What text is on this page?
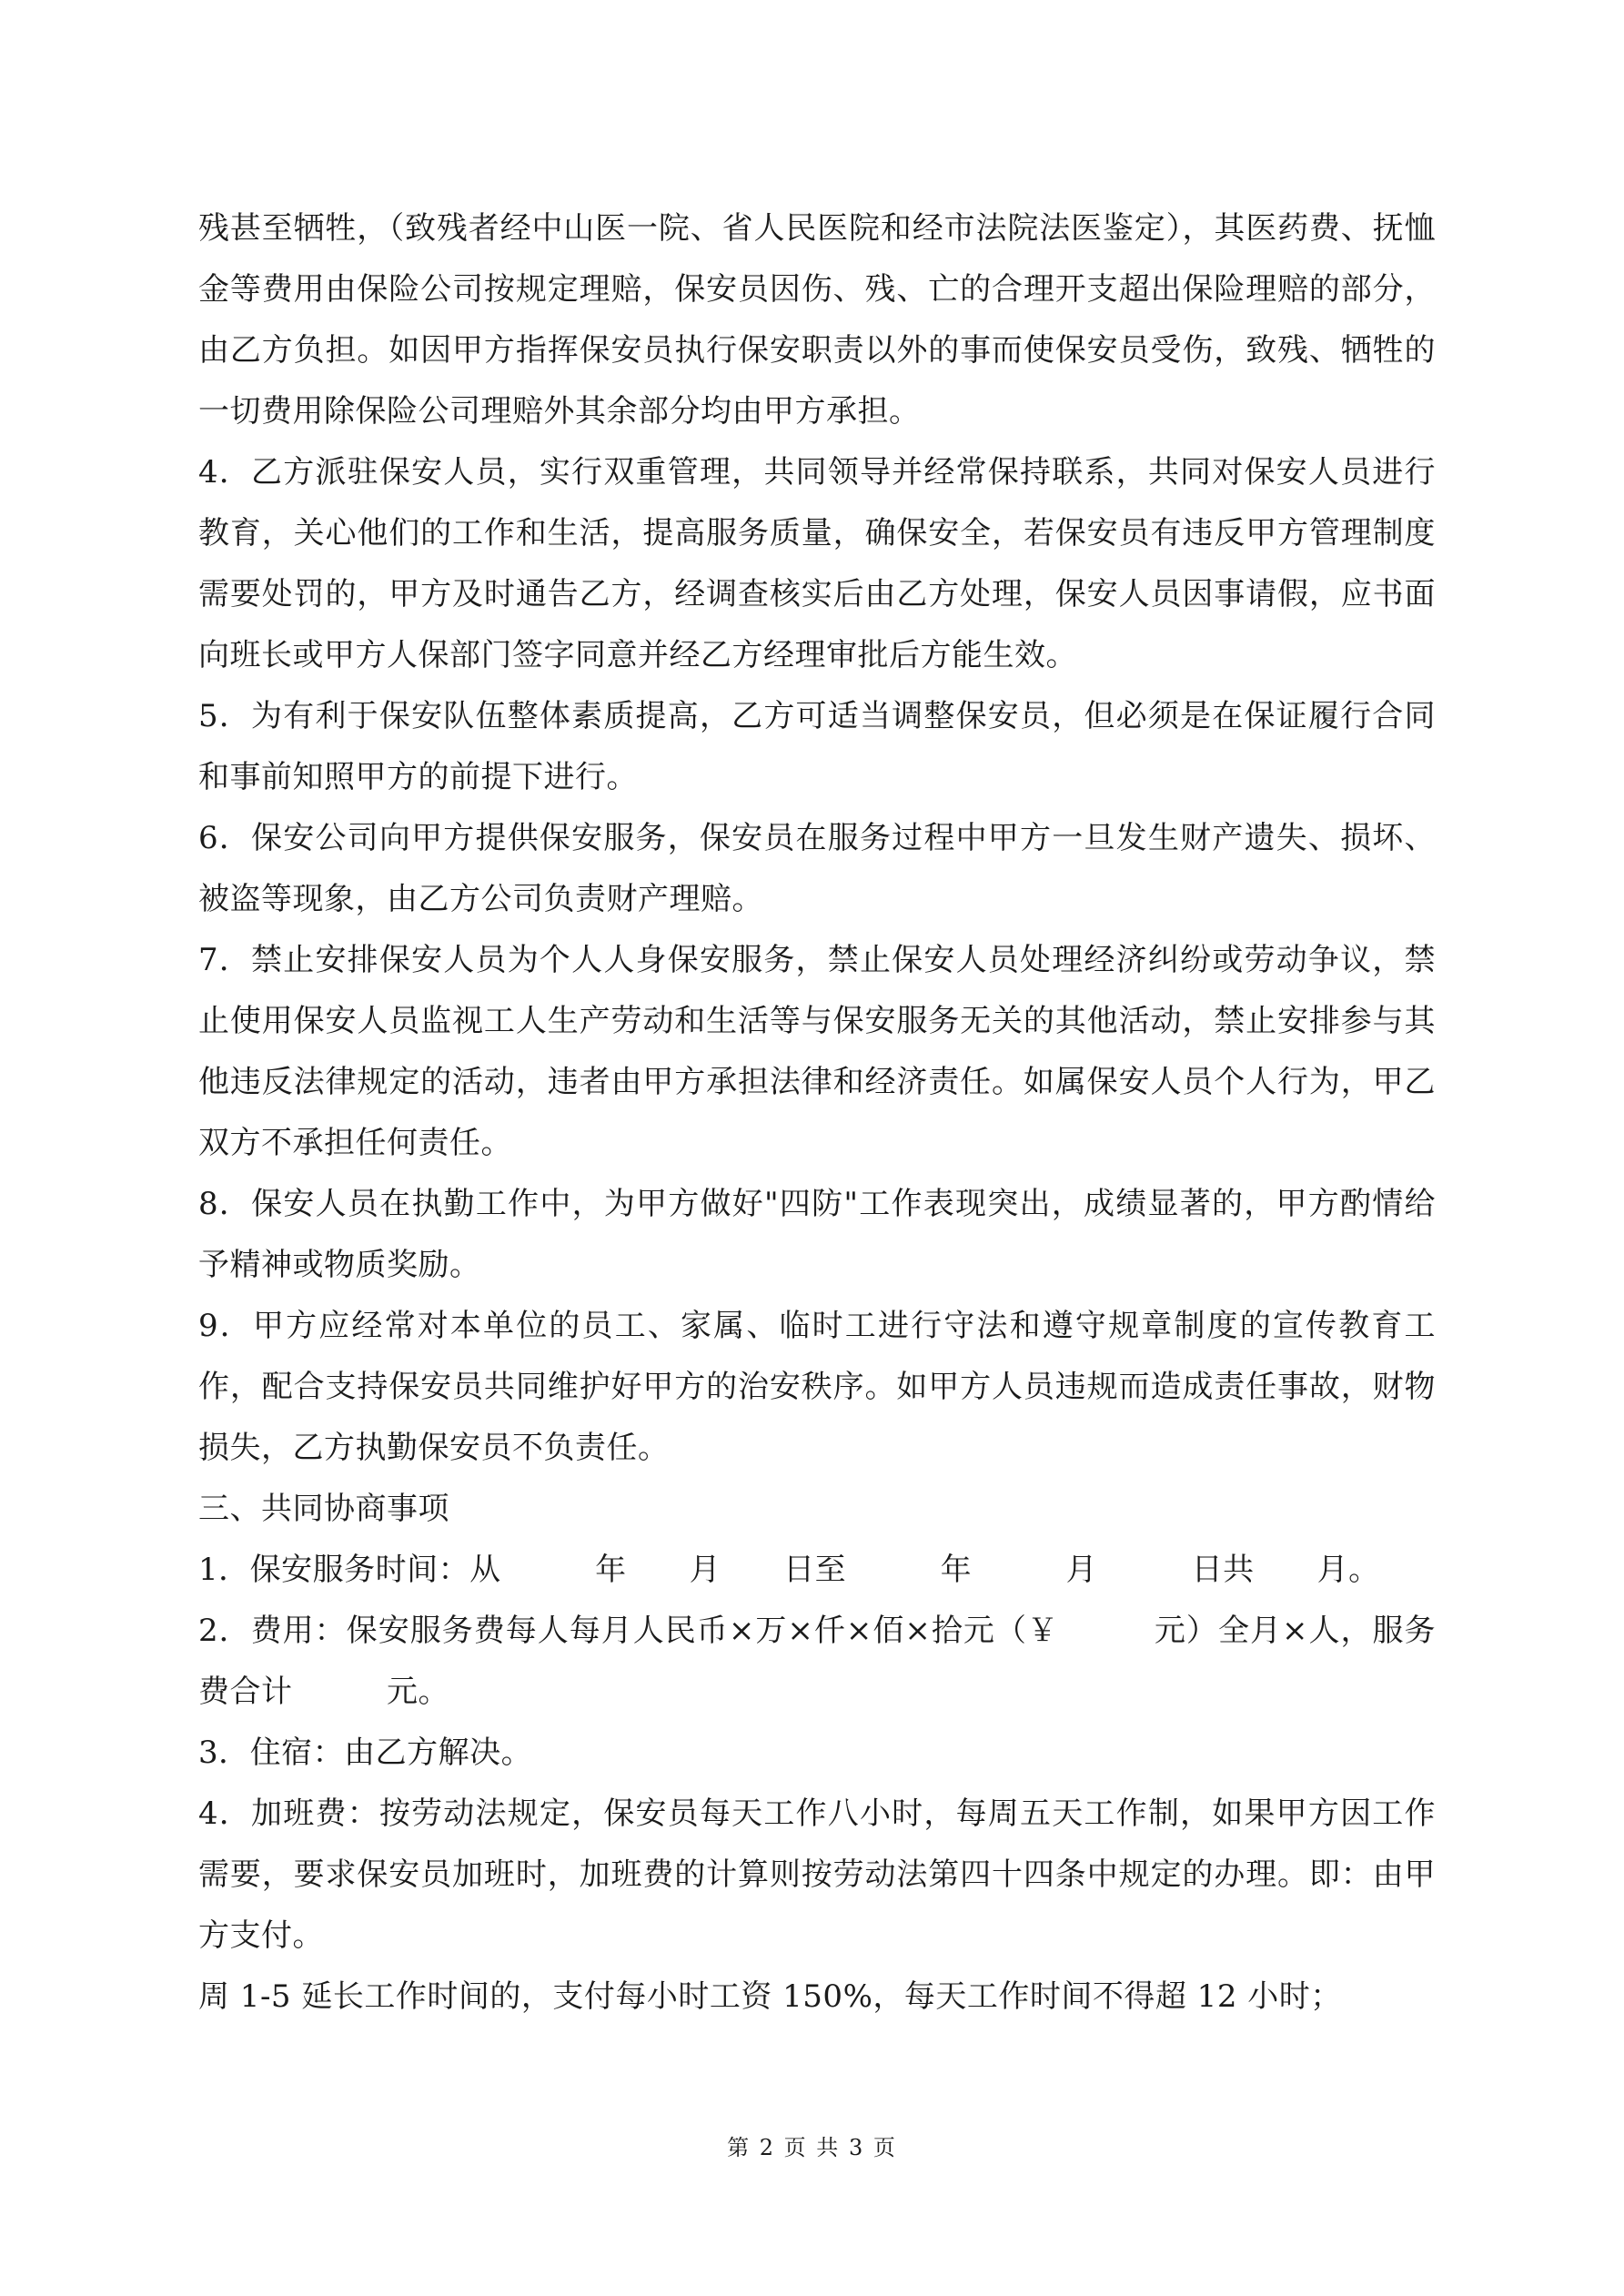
残甚至牺牲，（致残者经中山医一院、省人民医院和经市法院法医鉴定），其医药费、抚恤金等费用由保险公司按规定理赔，保安员因伤、残、亡的合理开支超出保险理赔的部分，由乙方负担。如因甲方指挥保安员执行保安职责以外的事而使保安员受伤，致残、牺牲的一切费用除保险公司理赔外其余部分均由甲方承担。

4．乙方派驻保安人员，实行双重管理，共同领导并经常保持联系，共同对保安人员进行教育，关心他们的工作和生活，提高服务质量，确保安全，若保安员有违反甲方管理制度需要处罚的，甲方及时通告乙方，经调查核实后由乙方处理，保安人员因事请假，应书面向班长或甲方人保部门签字同意并经乙方经理审批后方能生效。

5．为有利于保安队伍整体素质提高，乙方可适当调整保安员，但必须是在保证履行合同和事前知照甲方的前提下进行。

6．保安公司向甲方提供保安服务，保安员在服务过程中甲方一旦发生财产遗失、损坏、被盗等现象，由乙方公司负责财产理赔。

7．禁止安排保安人员为个人人身保安服务，禁止保安人员处理经济纠纷或劳动争议，禁止使用保安人员监视工人生产劳动和生活等与保安服务无关的其他活动，禁止安排参与其他违反法律规定的活动，违者由甲方承担法律和经济责任。如属保安人员个人行为，甲乙双方不承担任何责任。

8．保安人员在执勤工作中，为甲方做好"四防"工作表现突出，成绩显著的，甲方酌情给予精神或物质奖励。

9．甲方应经常对本单位的员工、家属、临时工进行守法和遵守规章制度的宣传教育工作，配合支持保安员共同维护好甲方的治安秩序。如甲方人员违规而造成责任事故，财物损失，乙方执勤保安员不负责任。

三、共同协商事项

1．保安服务时间：从　　　年　　月　　日至　　　年　　　月　　　日共　　月。

2．费用：保安服务费每人每月人民币×万×仟×佰×拾元（￥　　　元）全月×人，服务费合计　　　元。

3．住宿：由乙方解决。

4．加班费：按劳动法规定，保安员每天工作八小时，每周五天工作制，如果甲方因工作需要，要求保安员加班时，加班费的计算则按劳动法第四十四条中规定的办理。即：由甲方支付。

周 1-5 延长工作时间的，支付每小时工资 150%，每天工作时间不得超 12 小时；

第 2 页 共 3 页
